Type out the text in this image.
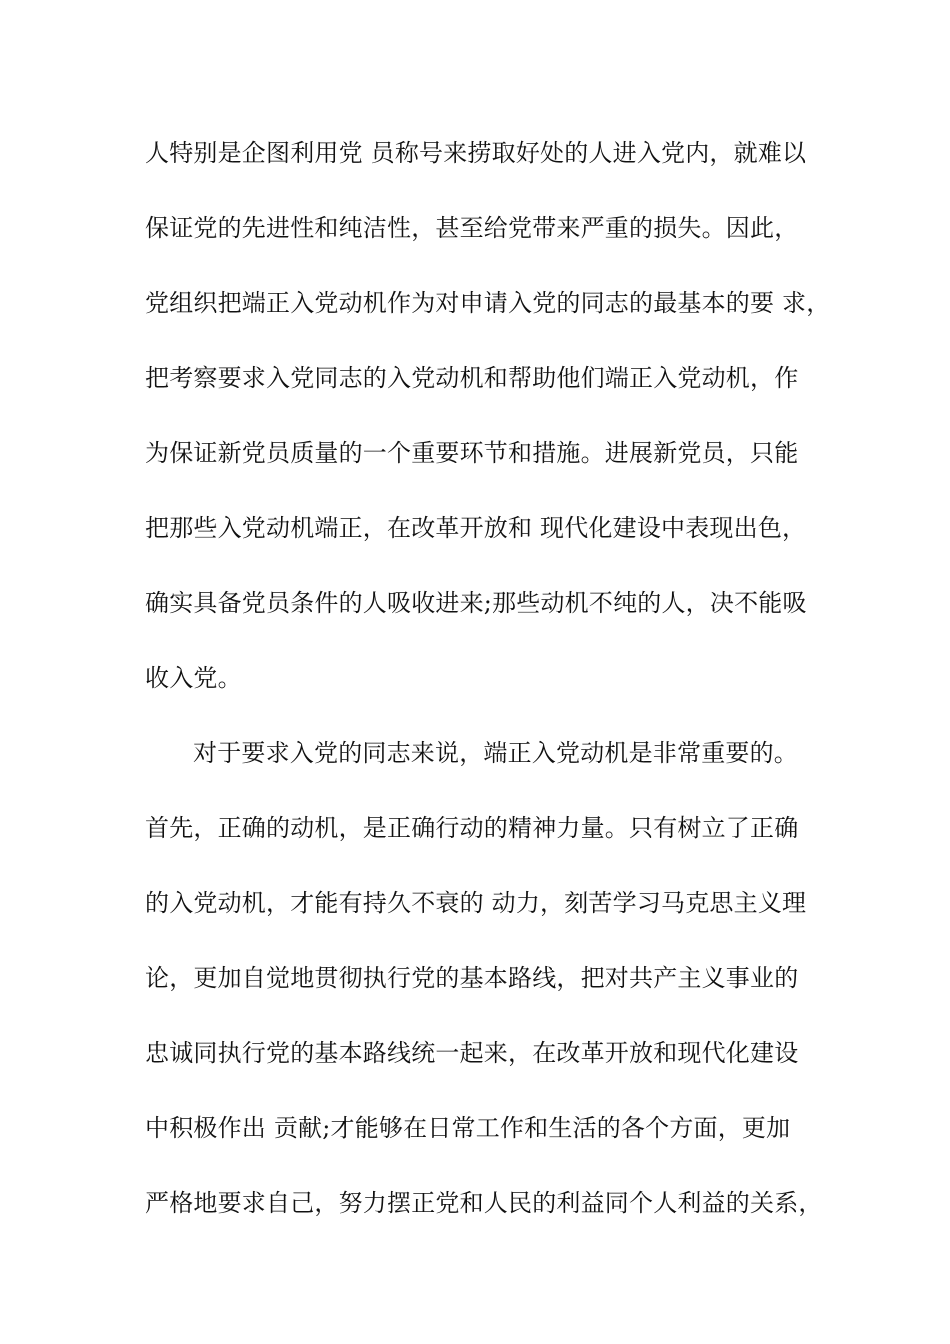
人特别是企图利用党 员称号来捞取好处的人进入党内，就难以
保证党的先进性和纯洁性，甚至给党带来严重的损失。因此，
党组织把端正入党动机作为对申请入党的同志的最基本的要 求，
把考察要求入党同志的入党动机和帮助他们端正入党动机，作
为保证新党员质量的一个重要环节和措施。进展新党员，只能
把那些入党动机端正，在改革开放和 现代化建设中表现出色，
确实具备党员条件的人吸收进来;那些动机不纯的人，决不能吸
收入党。
对于要求入党的同志来说，端正入党动机是非常重要的。
首先，正确的动机，是正确行动的精神力量。只有树立了正确
的入党动机，才能有持久不衰的 动力，刻苦学习马克思主义理
论，更加自觉地贯彻执行党的基本路线，把对共产主义事业的
忠诚同执行党的基本路线统一起来，在改革开放和现代化建设
中积极作出 贡献;才能够在日常工作和生活的各个方面，更加
严格地要求自己，努力摆正党和人民的利益同个人利益的关系，
